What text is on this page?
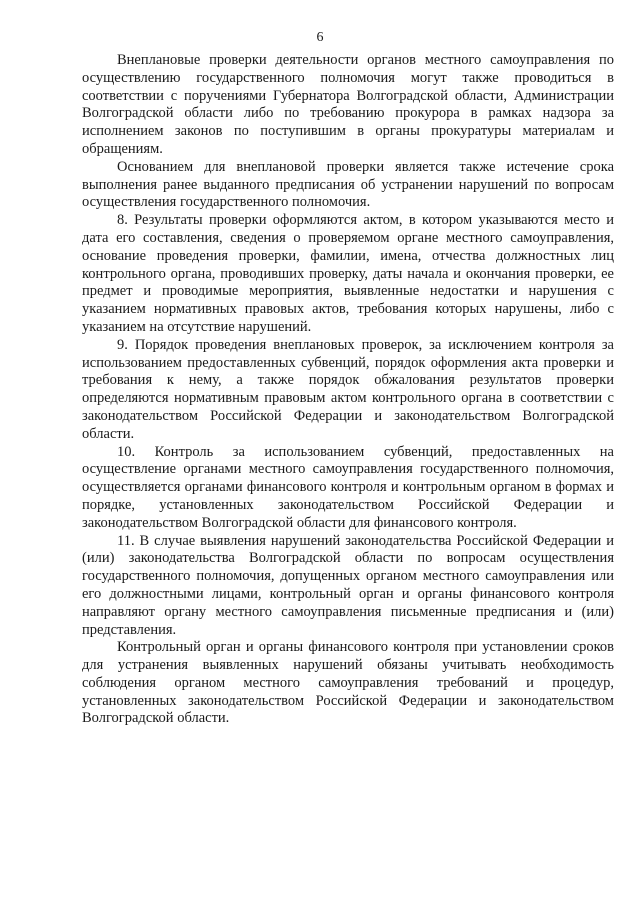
6

Внеплановые проверки деятельности органов местного самоуправления по осуществлению государственного полномочия могут также проводиться в соответствии с поручениями Губернатора Волгоградской области, Администрации Волгоградской области либо по требованию прокурора в рамках надзора за исполнением законов по поступившим в органы прокуратуры материалам и обращениям.

Основанием для внеплановой проверки является также истечение срока выполнения ранее выданного предписания об устранении нарушений по вопросам осуществления государственного полномочия.

8. Результаты проверки оформляются актом, в котором указываются место и дата его составления, сведения о проверяемом органе местного самоуправления, основание проведения проверки, фамилии, имена, отчества должностных лиц контрольного органа, проводивших проверку, даты начала и окончания проверки, ее предмет и проводимые мероприятия, выявленные недостатки и нарушения с указанием нормативных правовых актов, требования которых нарушены, либо с указанием на отсутствие нарушений.

9. Порядок проведения внеплановых проверок, за исключением контроля за использованием предоставленных субвенций, порядок оформления акта проверки и требования к нему, а также порядок обжалования результатов проверки определяются нормативным правовым актом контрольного органа в соответствии с законодательством Российской Федерации и законодательством Волгоградской области.

10. Контроль за использованием субвенций, предоставленных на осуществление органами местного самоуправления государственного полномочия, осуществляется органами финансового контроля и контрольным органом в формах и порядке, установленных законодательством Российской Федерации и законодательством Волгоградской области для финансового контроля.

11. В случае выявления нарушений законодательства Российской Федерации и (или) законодательства Волгоградской области по вопросам осуществления государственного полномочия, допущенных органом местного самоуправления или его должностными лицами, контрольный орган и органы финансового контроля направляют органу местного самоуправления письменные предписания и (или) представления.

Контрольный орган и органы финансового контроля при установлении сроков для устранения выявленных нарушений обязаны учитывать необходимость соблюдения органом местного самоуправления требований и процедур, установленных законодательством Российской Федерации и законодательством Волгоградской области.
